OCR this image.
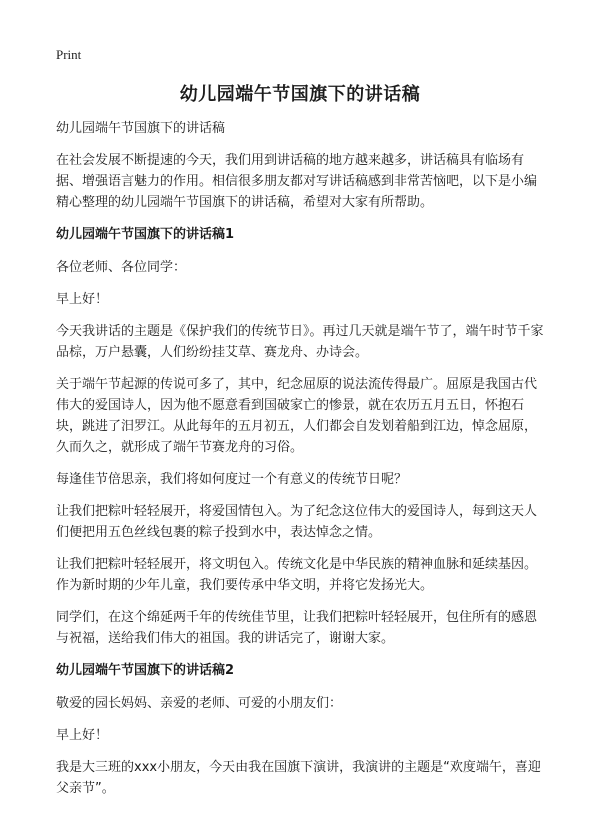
Print
幼儿园端午节国旗下的讲话稿

幼儿园端午节国旗下的讲话稿

在社会发展不断提速的今天，我们用到讲话稿的地方越来越多，讲话稿具有临场有据、增强语言魅力的作用。相信很多朋友都对写讲话稿感到非常苦恼吧，以下是小编精心整理的幼儿园端午节国旗下的讲话稿，希望对大家有所帮助。

幼儿园端午节国旗下的讲话稿1

各位老师、各位同学：

早上好！

今天我讲话的主题是《保护我们的传统节日》。再过几天就是端午节了，端午时节千家品棕，万户悬囊，人们纷纷挂艾草、赛龙舟、办诗会。

关于端午节起源的传说可多了，其中，纪念屈原的说法流传得最广。屈原是我国古代伟大的爱国诗人，因为他不愿意看到国破家亡的惨景，就在农历五月五日，怀抱石块，跳进了汨罗江。从此每年的五月初五，人们都会自发划着船到江边，悼念屈原，久而久之，就形成了端午节赛龙舟的习俗。

每逢佳节倍思亲，我们将如何度过一个有意义的传统节日呢？

让我们把粽叶轻轻展开，将爱国情包入。为了纪念这位伟大的爱国诗人，每到这天人们便把用五色丝线包裹的粽子投到水中，表达悼念之情。

让我们把粽叶轻轻展开，将文明包入。传统文化是中华民族的精神血脉和延续基因。作为新时期的少年儿童，我们要传承中华文明，并将它发扬光大。

同学们，在这个绵延两千年的传统佳节里，让我们把粽叶轻轻展开，包住所有的感恩与祝福，送给我们伟大的祖国。我的讲话完了，谢谢大家。

幼儿园端午节国旗下的讲话稿2

敬爱的园长妈妈、亲爱的老师、可爱的小朋友们：

早上好！

我是大三班的xxx小朋友，今天由我在国旗下演讲，我演讲的主题是“欢度端午，喜迎父亲节”。
